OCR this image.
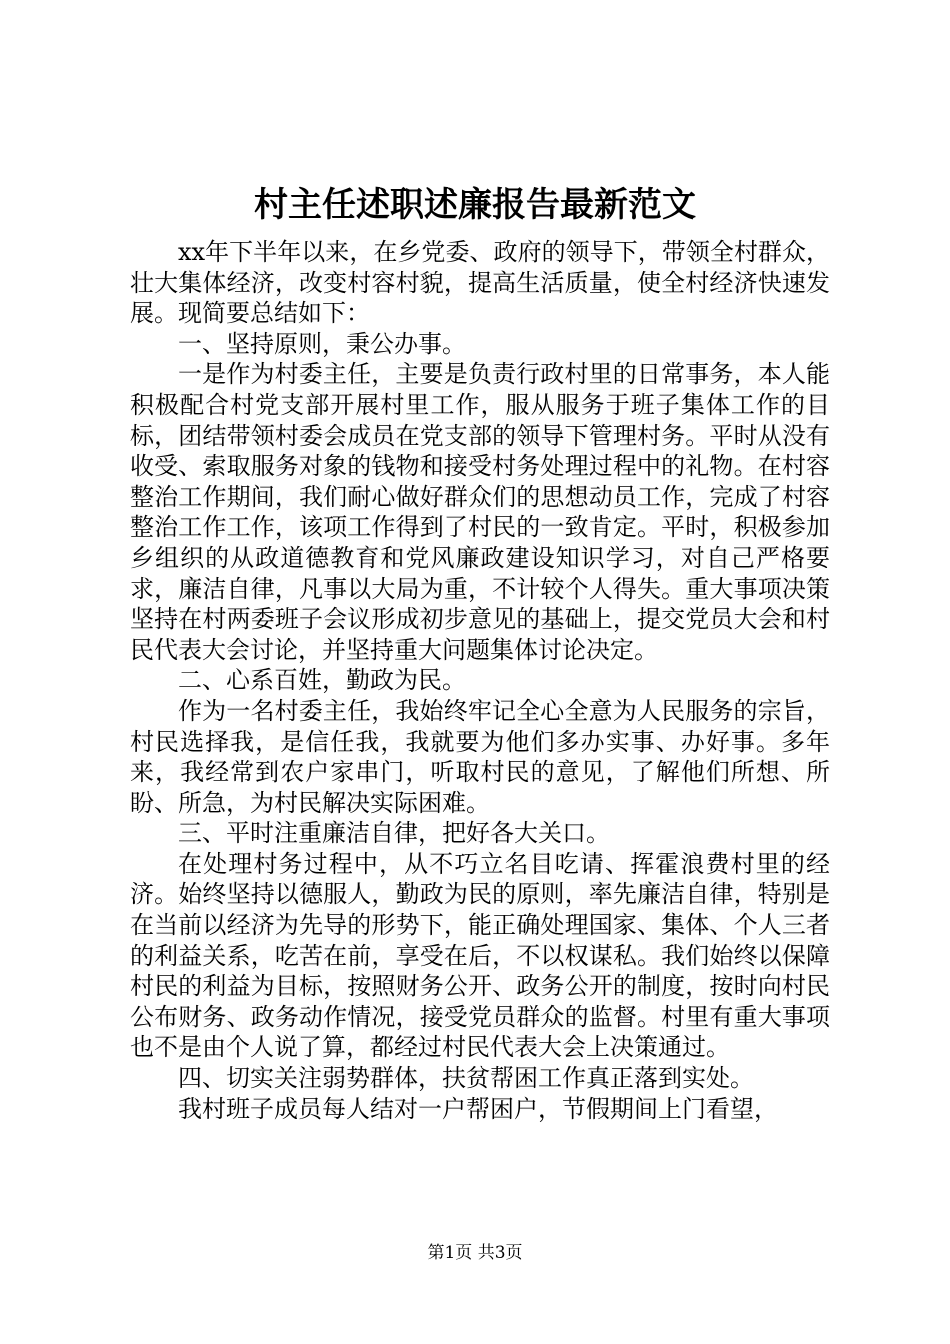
村主任述职述廉报告最新范文

xx年下半年以来，在乡党委、政府的领导下，带领全村群众，壮大集体经济，改变村容村貌，提高生活质量，使全村经济快速发展。现简要总结如下：

一、坚持原则，秉公办事。

一是作为村委主任，主要是负责行政村里的日常事务，本人能积极配合村党支部开展村里工作，服从服务于班子集体工作的目标，团结带领村委会成员在党支部的领导下管理村务。平时从没有收受、索取服务对象的钱物和接受村务处理过程中的礼物。在村容整治工作期间，我们耐心做好群众们的思想动员工作，完成了村容整治工作工作，该项工作得到了村民的一致肯定。平时，积极参加乡组织的从政道德教育和党风廉政建设知识学习，对自己严格要求，廉洁自律，凡事以大局为重，不计较个人得失。重大事项决策坚持在村两委班子会议形成初步意见的基础上，提交党员大会和村民代表大会讨论，并坚持重大问题集体讨论决定。

二、心系百姓，勤政为民。

作为一名村委主任，我始终牢记全心全意为人民服务的宗旨，村民选择我，是信任我，我就要为他们多办实事、办好事。多年来，我经常到农户家串门，听取村民的意见，了解他们所想、所盼、所急，为村民解决实际困难。

三、平时注重廉洁自律，把好各大关口。

在处理村务过程中，从不巧立名目吃请、挥霍浪费村里的经济。始终坚持以德服人，勤政为民的原则，率先廉洁自律，特别是在当前以经济为先导的形势下，能正确处理国家、集体、个人三者的利益关系，吃苦在前，享受在后，不以权谋私。我们始终以保障村民的利益为目标，按照财务公开、政务公开的制度，按时向村民公布财务、政务动作情况，接受党员群众的监督。村里有重大事项也不是由个人说了算，都经过村民代表大会上决策通过。

四、切实关注弱势群体，扶贫帮困工作真正落到实处。

我村班子成员每人结对一户帮困户，节假期间上门看望，

第1页 共3页
